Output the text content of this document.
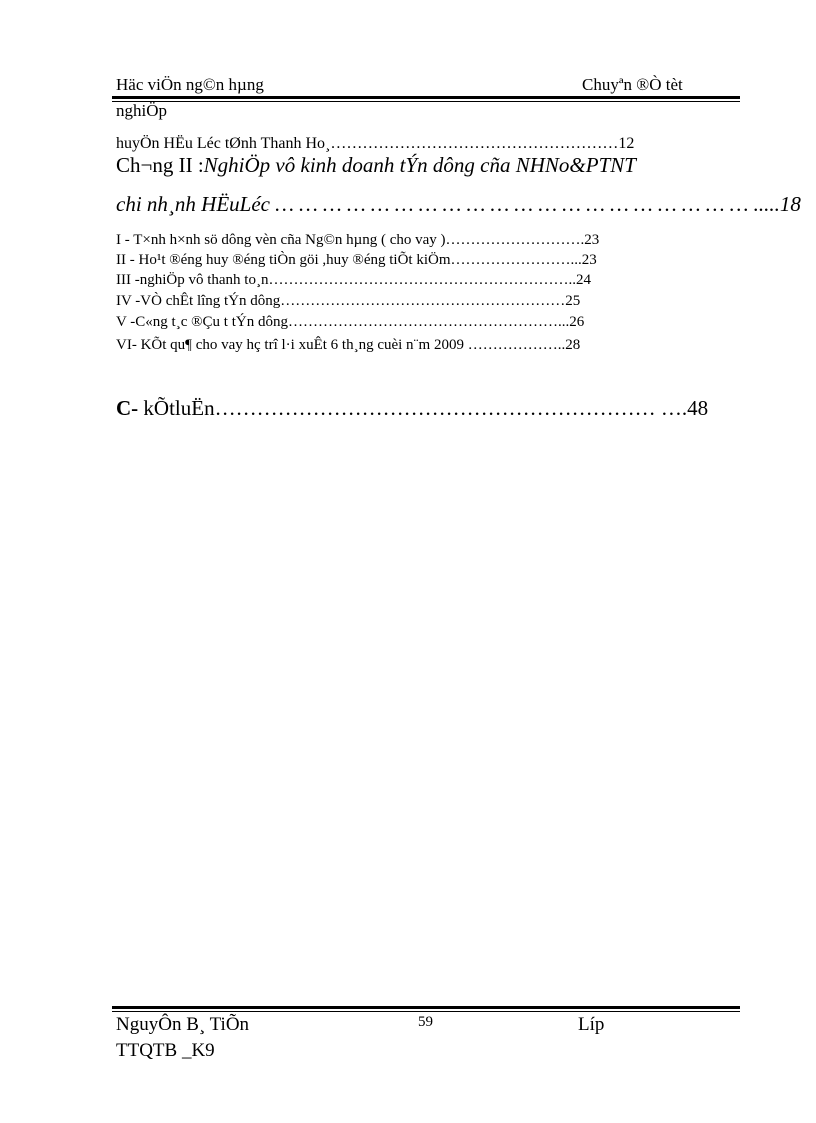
Häc viÖn ng©n hµng	Chuyªn ®Ò tèt
nghiÖp
huyÖn HËu Léc tØnh Thanh Ho¸………………………………………………12
Ch¬ng II :NghiÖp vô kinh doanh tÝn dông cña NHNo&PTNT
chi nh¸nh HËuLéc … … … … … … … … … … … … … … … … … … … … .....18
I - T×nh h×nh sö dông vèn cña Ng©n hµng ( cho vay )……………………….23
II - Ho¹t ®éng huy ®éng tiÒn göi ,huy ®éng tiÕt kiÖm……………………...23
III -nghiÖp vô thanh to¸n……………………………………………………..24
IV -VÒ chÊt lîng tÝn dông…………………………………………………25
V -C«ng t¸c ®Çu t tÝn dông………………………………………………...26
VI- KÕt qu¶ cho vay hç trî l·i xuÊt 6 th¸ng cuèi n¨m 2009 ………………..28
C- kÕtluËn……………………………………………………… ….48
NguyÔn B¸ TiÕn	59	Líp
TTQTB _K9
